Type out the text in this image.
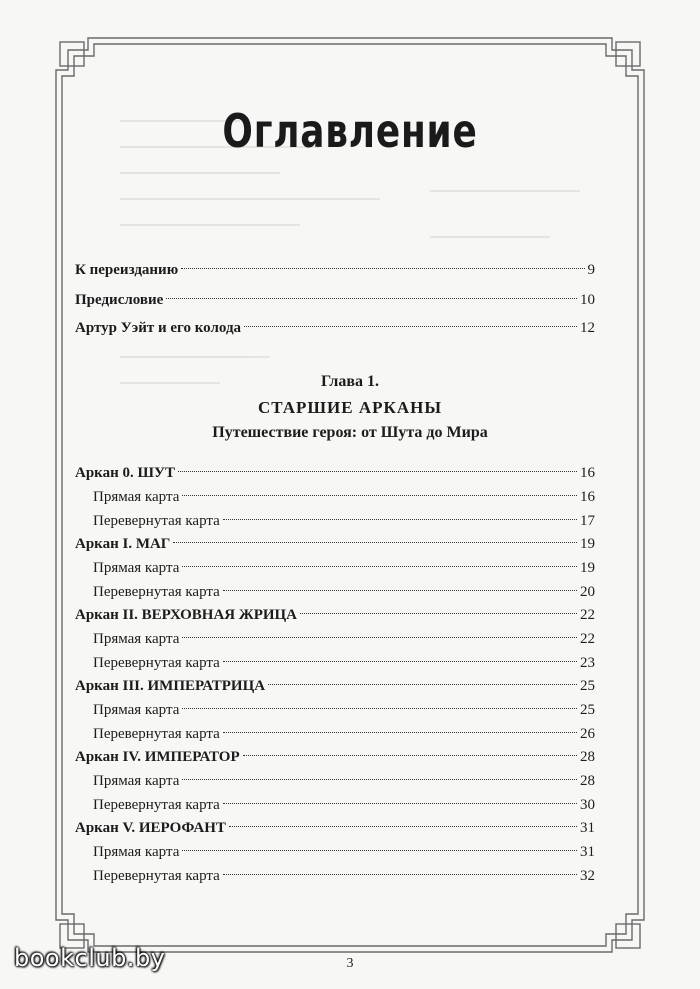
Оглавление
К переизданию	9
Предисловие	10
Артур Уэйт и его колода	12
Глава 1.
СТАРШИЕ АРКАНЫ
Путешествие героя: от Шута до Мира
Аркан 0. ШУТ	16
Прямая карта	16
Перевернутая карта	17
Аркан I. МАГ	19
Прямая карта	19
Перевернутая карта	20
Аркан II. ВЕРХОВНАЯ ЖРИЦА	22
Прямая карта	22
Перевернутая карта	23
Аркан III. ИМПЕРАТРИЦА	25
Прямая карта	25
Перевернутая карта	26
Аркан IV. ИМПЕРАТОР	28
Прямая карта	28
Перевернутая карта	30
Аркан V. ИЕРОФАНТ	31
Прямая карта	31
Перевернутая карта	32
3
bookclub.by
